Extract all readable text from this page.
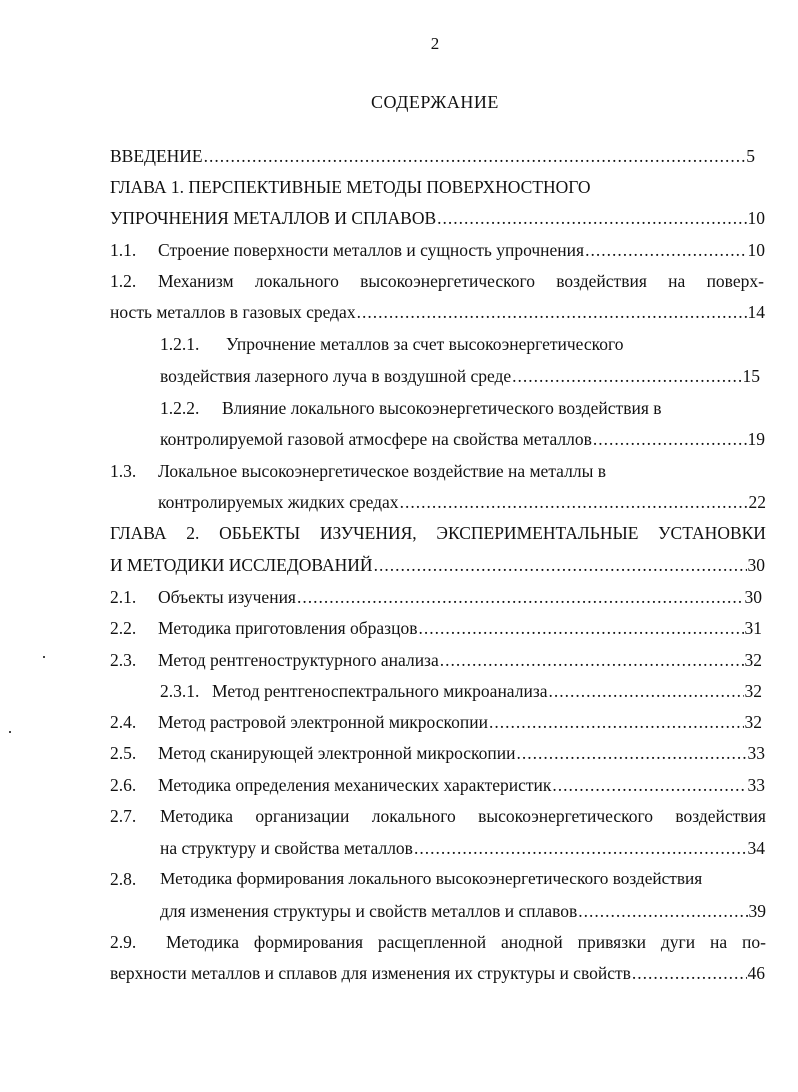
2
СОДЕРЖАНИЕ
ВВЕДЕНИЕ .....	5
ГЛАВА 1. ПЕРСПЕКТИВНЫЕ МЕТОДЫ ПОВЕРХНОСТНОГО
УПРОЧНЕНИЯ МЕТАЛЛОВ И СПЛАВОВ .....	10
1.1.	Строение поверхности металлов и сущность упрочнения .....	10
1.2. Механизм локального высокоэнергетического воздействия на поверх-
ность металлов в газовых средах .....	14
1.2.1. Упрочнение металлов за счет высокоэнергетического
воздействия лазерного луча в воздушной среде .....	15
1.2.2. Влияние локального высокоэнергетического воздействия в
контролируемой газовой атмосфере на свойства металлов .....	19
1.3. Локальное высокоэнергетическое воздействие на металлы в
контролируемых жидких средах .....	22
ГЛАВА 2. ОБЬЕКТЫ ИЗУЧЕНИЯ, ЭКСПЕРИМЕНТАЛЬНЫЕ УСТАНОВКИ
И МЕТОДИКИ ИССЛЕДОВАНИЙ .....	30
2.1.	Объекты изучения .....	30
2.2.	Методика приготовления образцов .....	31
2.3.	Метод рентгеноструктурного анализа .....	32
2.3.1. Метод рентгеноспектрального микроанализа .....	32
2.4.	Метод растровой электронной микроскопии .....	32
2.5.	Метод сканирующей электронной микроскопии .....	33
2.6.	Методика определения механических характеристик .....	33
2.7. Методика организации локального высокоэнергетического воздействия
на структуру и свойства металлов .....	34
2.8. Методика формирования локального высокоэнергетического воздействия
для изменения структуры и свойств металлов и сплавов .....	39
2.9. Методика формирования расщепленной анодной привязки дуги на по-
верхности металлов и сплавов для изменения их структуры и свойств .....	46
